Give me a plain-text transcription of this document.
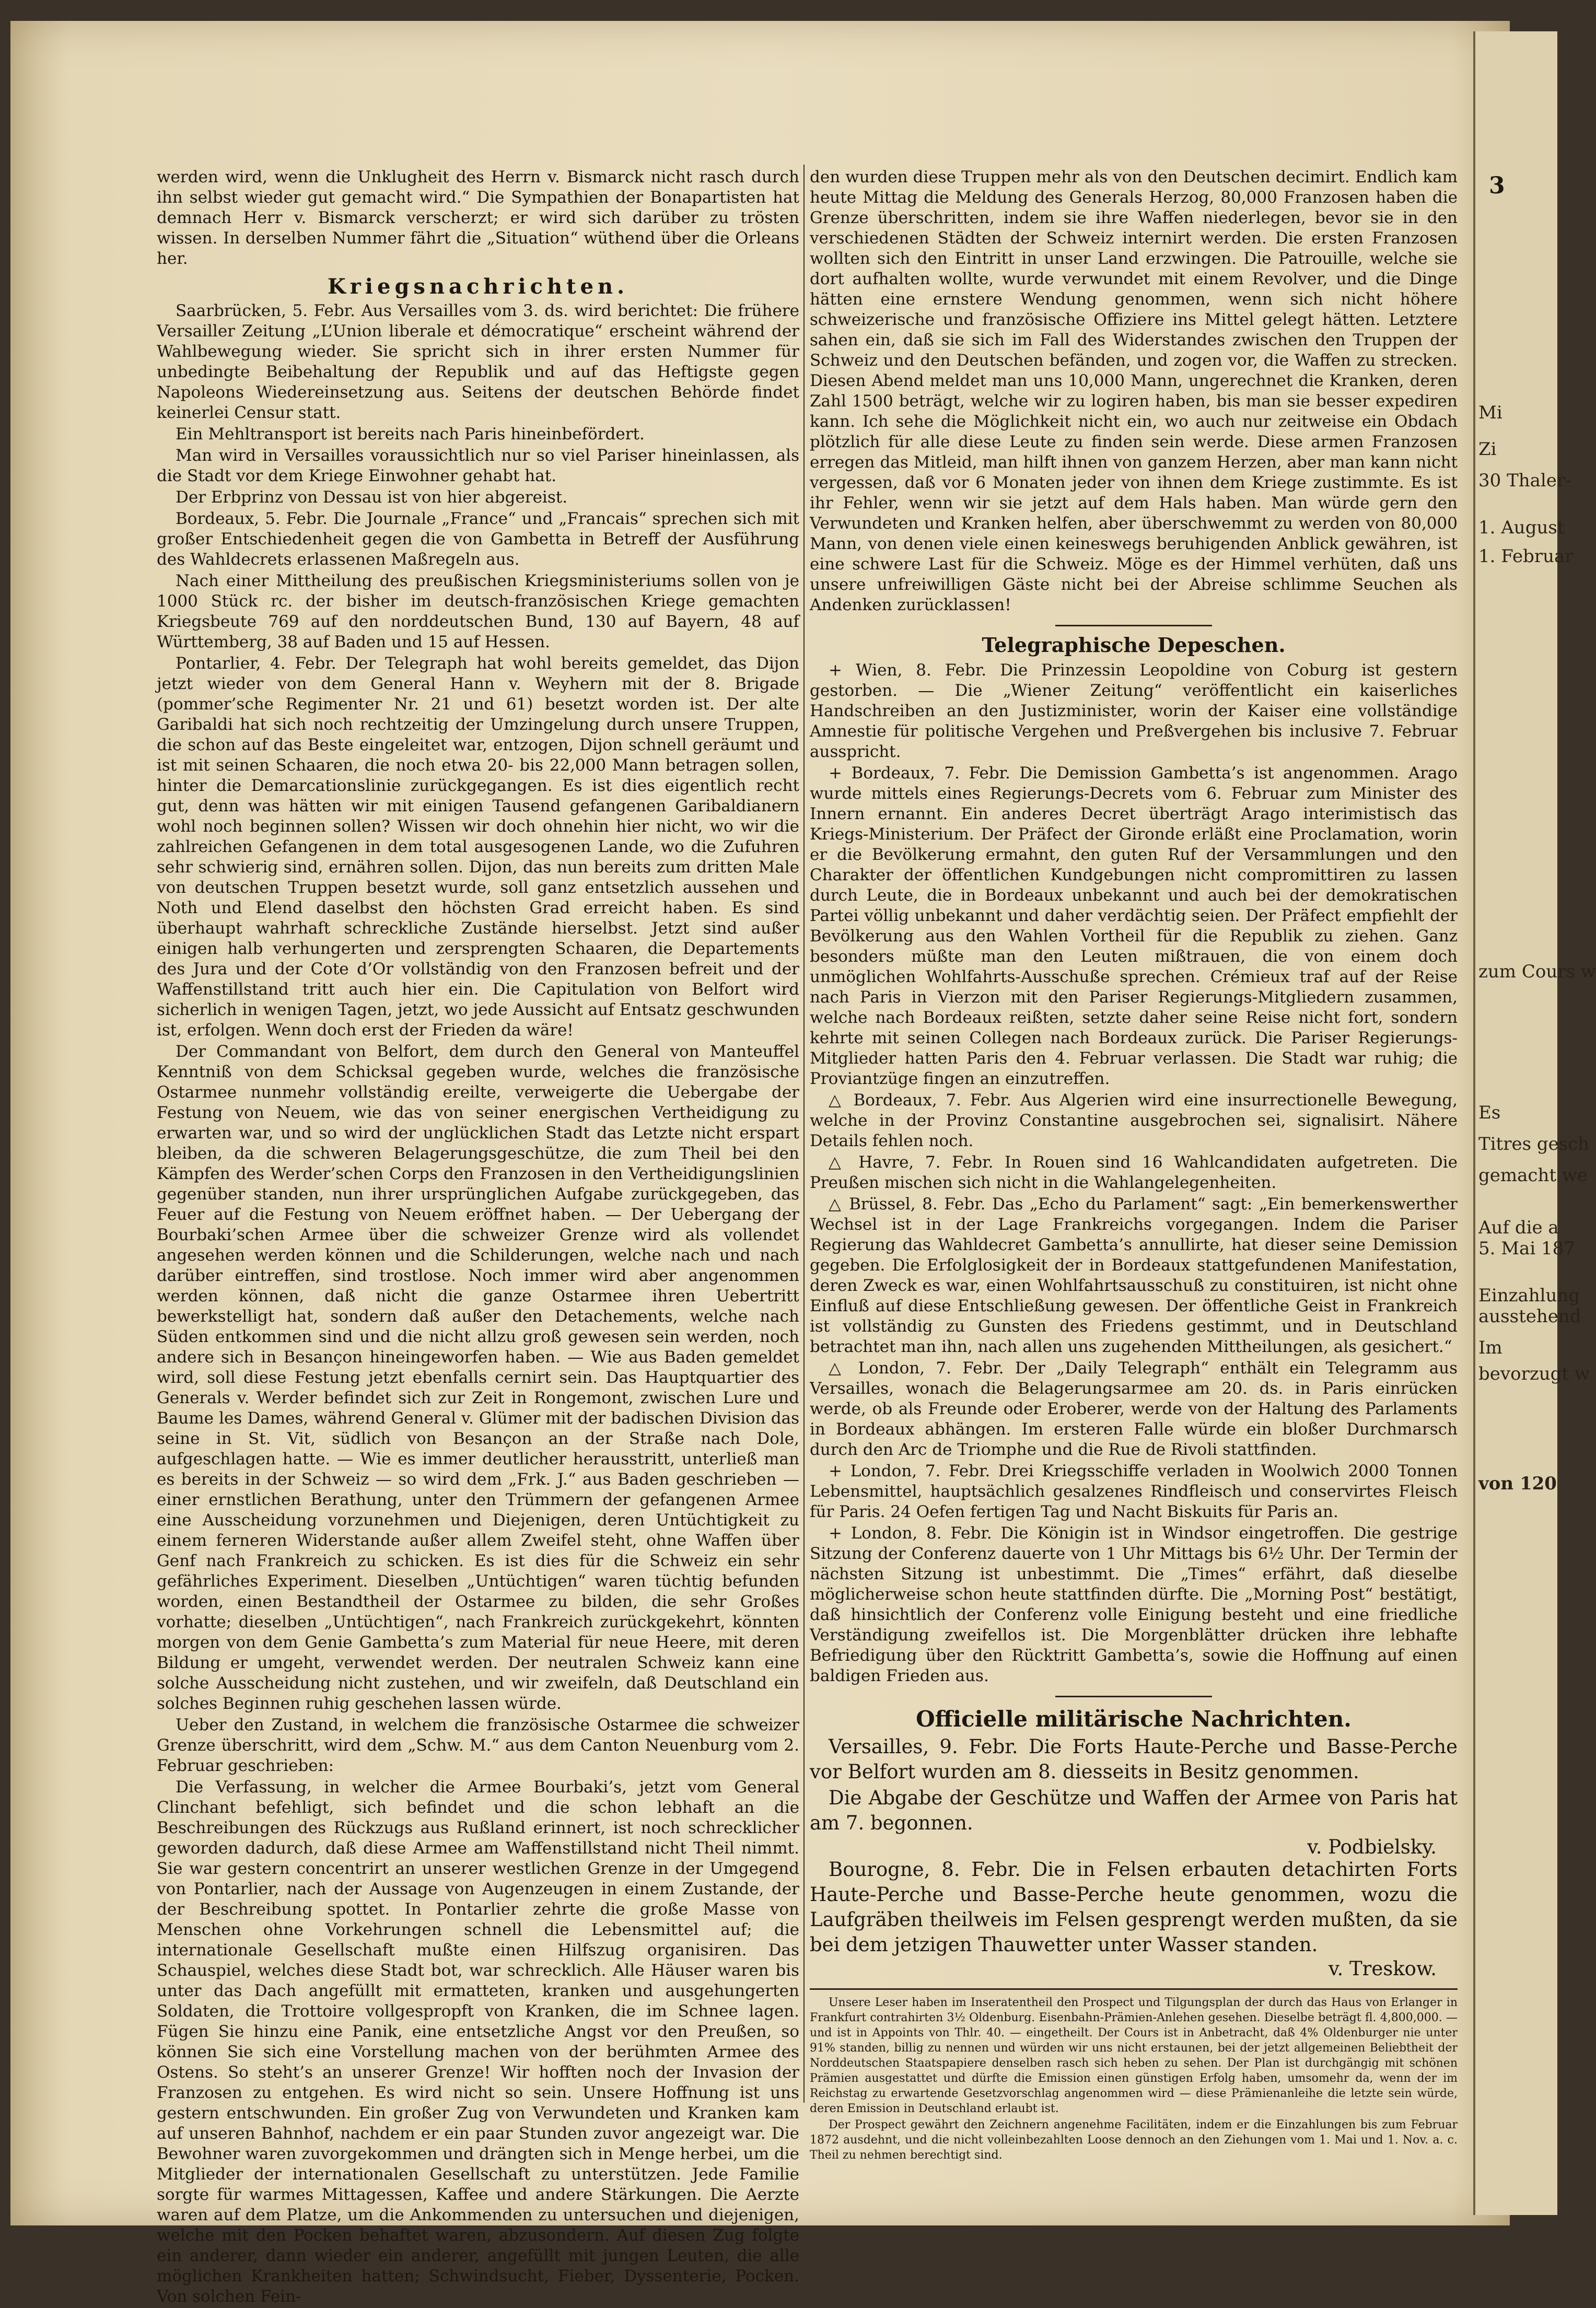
Mi
Zi
30 Thaler-
1. August
1. Februar
zum Cours w
Es
Titres gesch
gemacht we
Auf die a
5. Mai 187
Einzahlung
ausstehend
Im
bevorzugt w
von 120
3

werden wird, wenn die Unklugheit des Herrn v. Bismarck nicht rasch durch ihn selbst wieder gut gemacht wird.“ Die Sympathien der Bonapartisten hat demnach Herr v. Bismarck verscherzt; er wird sich darüber zu trösten wissen. In derselben Nummer fährt die „Situation“ wüthend über die Orleans her.

Kriegsnachrichten.

Saarbrücken, 5. Febr. Aus Versailles vom 3. ds. wird berichtet: Die frühere Versailler Zeitung „L’Union liberale et démocratique“ erscheint während der Wahlbewegung wieder. Sie spricht sich in ihrer ersten Nummer für unbedingte Beibehaltung der Republik und auf das Heftigste gegen Napoleons Wiedereinsetzung aus. Seitens der deutschen Behörde findet keinerlei Censur statt.

Ein Mehltransport ist bereits nach Paris hineinbefördert.

Man wird in Versailles voraussichtlich nur so viel Pariser hineinlassen, als die Stadt vor dem Kriege Einwohner gehabt hat.

Der Erbprinz von Dessau ist von hier abgereist.

Bordeaux, 5. Febr. Die Journale „France“ und „Francais“ sprechen sich mit großer Entschiedenheit gegen die von Gambetta in Betreff der Ausführung des Wahldecrets erlassenen Maßregeln aus.

Nach einer Mittheilung des preußischen Kriegsministeriums sollen von je 1000 Stück rc. der bisher im deutsch-französischen Kriege gemachten Kriegsbeute 769 auf den norddeutschen Bund, 130 auf Bayern, 48 auf Württemberg, 38 auf Baden und 15 auf Hessen.

Pontarlier, 4. Febr. Der Telegraph hat wohl bereits gemeldet, das Dijon jetzt wieder von dem General Hann v. Weyhern mit der 8. Brigade (pommer’sche Regimenter Nr. 21 und 61) besetzt worden ist. Der alte Garibaldi hat sich noch rechtzeitig der Umzingelung durch unsere Truppen, die schon auf das Beste eingeleitet war, entzogen, Dijon schnell geräumt und ist mit seinen Schaaren, die noch etwa 20- bis 22,000 Mann betragen sollen, hinter die Demarcationslinie zurückgegangen. Es ist dies eigentlich recht gut, denn was hätten wir mit einigen Tausend gefangenen Garibaldianern wohl noch beginnen sollen? Wissen wir doch ohnehin hier nicht, wo wir die zahlreichen Gefangenen in dem total ausgesogenen Lande, wo die Zufuhren sehr schwierig sind, ernähren sollen. Dijon, das nun bereits zum dritten Male von deutschen Truppen besetzt wurde, soll ganz entsetzlich aussehen und Noth und Elend daselbst den höchsten Grad erreicht haben. Es sind überhaupt wahrhaft schreckliche Zustände hierselbst. Jetzt sind außer einigen halb verhungerten und zersprengten Schaaren, die Departements des Jura und der Cote d’Or vollständig von den Franzosen befreit und der Waffenstillstand tritt auch hier ein. Die Capitulation von Belfort wird sicherlich in wenigen Tagen, jetzt, wo jede Aussicht auf Entsatz geschwunden ist, erfolgen. Wenn doch erst der Frieden da wäre!

Der Commandant von Belfort, dem durch den General von Manteuffel Kenntniß von dem Schicksal gegeben wurde, welches die französische Ostarmee nunmehr vollständig ereilte, verweigerte die Uebergabe der Festung von Neuem, wie das von seiner energischen Vertheidigung zu erwarten war, und so wird der unglücklichen Stadt das Letzte nicht erspart bleiben, da die schweren Belagerungsgeschütze, die zum Theil bei den Kämpfen des Werder’schen Corps den Franzosen in den Vertheidigungslinien gegenüber standen, nun ihrer ursprünglichen Aufgabe zurückgegeben, das Feuer auf die Festung von Neuem eröffnet haben. — Der Uebergang der Bourbaki’schen Armee über die schweizer Grenze wird als vollendet angesehen werden können und die Schilderungen, welche nach und nach darüber eintreffen, sind trostlose. Noch immer wird aber angenommen werden können, daß nicht die ganze Ostarmee ihren Uebertritt bewerkstelligt hat, sondern daß außer den Detachements, welche nach Süden entkommen sind und die nicht allzu groß gewesen sein werden, noch andere sich in Besançon hineingeworfen haben. — Wie aus Baden gemeldet wird, soll diese Festung jetzt ebenfalls cernirt sein. Das Hauptquartier des Generals v. Werder befindet sich zur Zeit in Rongemont, zwischen Lure und Baume les Dames, während General v. Glümer mit der badischen Division das seine in St. Vit, südlich von Besançon an der Straße nach Dole, aufgeschlagen hatte. — Wie es immer deutlicher herausstritt, unterließ man es bereits in der Schweiz — so wird dem „Frk. J.“ aus Baden geschrieben — einer ernstlichen Berathung, unter den Trümmern der gefangenen Armee eine Ausscheidung vorzunehmen und Diejenigen, deren Untüchtigkeit zu einem ferneren Widerstande außer allem Zweifel steht, ohne Waffen über Genf nach Frankreich zu schicken. Es ist dies für die Schweiz ein sehr gefährliches Experiment. Dieselben „Untüchtigen“ waren tüchtig befunden worden, einen Bestandtheil der Ostarmee zu bilden, die sehr Großes vorhatte; dieselben „Untüchtigen“, nach Frankreich zurückgekehrt, könnten morgen von dem Genie Gambetta’s zum Material für neue Heere, mit deren Bildung er umgeht, verwendet werden. Der neutralen Schweiz kann eine solche Ausscheidung nicht zustehen, und wir zweifeln, daß Deutschland ein solches Beginnen ruhig geschehen lassen würde.

Ueber den Zustand, in welchem die französische Ostarmee die schweizer Grenze überschritt, wird dem „Schw. M.“ aus dem Canton Neuenburg vom 2. Februar geschrieben:

Die Verfassung, in welcher die Armee Bourbaki’s, jetzt vom General Clinchant befehligt, sich befindet und die schon lebhaft an die Beschreibungen des Rückzugs aus Rußland erinnert, ist noch schrecklicher geworden dadurch, daß diese Armee am Waffenstillstand nicht Theil nimmt. Sie war gestern concentrirt an unserer westlichen Grenze in der Umgegend von Pontarlier, nach der Aussage von Augenzeugen in einem Zustande, der der Beschreibung spottet. In Pontarlier zehrte die große Masse von Menschen ohne Vorkehrungen schnell die Lebensmittel auf; die internationale Gesellschaft mußte einen Hilfszug organisiren. Das Schauspiel, welches diese Stadt bot, war schrecklich. Alle Häuser waren bis unter das Dach angefüllt mit ermatteten, kranken und ausgehungerten Soldaten, die Trottoire vollgespropft von Kranken, die im Schnee lagen. Fügen Sie hinzu eine Panik, eine entsetzliche Angst vor den Preußen, so können Sie sich eine Vorstellung machen von der berühmten Armee des Ostens. So steht’s an unserer Grenze! Wir hofften noch der Invasion der Franzosen zu entgehen. Es wird nicht so sein. Unsere Hoffnung ist uns gestern entschwunden. Ein großer Zug von Verwundeten und Kranken kam auf unseren Bahnhof, nachdem er ein paar Stunden zuvor angezeigt war. Die Bewohner waren zuvorgekommen und drängten sich in Menge herbei, um die Mitglieder der internationalen Gesellschaft zu unterstützen. Jede Familie sorgte für warmes Mittagessen, Kaffee und andere Stärkungen. Die Aerzte waren auf dem Platze, um die Ankommenden zu untersuchen und diejenigen, welche mit den Pocken behaftet waren, abzusondern. Auf diesen Zug folgte ein anderer, dann wieder ein anderer, angefüllt mit jungen Leuten, die alle möglichen Krankheiten hatten; Schwindsucht, Fieber, Dyssenterie, Pocken. Von solchen Fein-

den wurden diese Truppen mehr als von den Deutschen decimirt. Endlich kam heute Mittag die Meldung des Generals Herzog, 80,000 Franzosen haben die Grenze überschritten, indem sie ihre Waffen niederlegen, bevor sie in den verschiedenen Städten der Schweiz internirt werden. Die ersten Franzosen wollten sich den Eintritt in unser Land erzwingen. Die Patrouille, welche sie dort aufhalten wollte, wurde verwundet mit einem Revolver, und die Dinge hätten eine ernstere Wendung genommen, wenn sich nicht höhere schweizerische und französische Offiziere ins Mittel gelegt hätten. Letztere sahen ein, daß sie sich im Fall des Widerstandes zwischen den Truppen der Schweiz und den Deutschen befänden, und zogen vor, die Waffen zu strecken. Diesen Abend meldet man uns 10,000 Mann, ungerechnet die Kranken, deren Zahl 1500 beträgt, welche wir zu logiren haben, bis man sie besser expediren kann. Ich sehe die Möglichkeit nicht ein, wo auch nur zeitweise ein Obdach plötzlich für alle diese Leute zu finden sein werde. Diese armen Franzosen erregen das Mitleid, man hilft ihnen von ganzem Herzen, aber man kann nicht vergessen, daß vor 6 Monaten jeder von ihnen dem Kriege zustimmte. Es ist ihr Fehler, wenn wir sie jetzt auf dem Hals haben. Man würde gern den Verwundeten und Kranken helfen, aber überschwemmt zu werden von 80,000 Mann, von denen viele einen keineswegs beruhigenden Anblick gewähren, ist eine schwere Last für die Schweiz. Möge es der Himmel verhüten, daß uns unsere unfreiwilligen Gäste nicht bei der Abreise schlimme Seuchen als Andenken zurücklassen!

Telegraphische Depeschen.

+ Wien, 8. Febr. Die Prinzessin Leopoldine von Coburg ist gestern gestorben. — Die „Wiener Zeitung“ veröffentlicht ein kaiserliches Handschreiben an den Justizminister, worin der Kaiser eine vollständige Amnestie für politische Vergehen und Preßvergehen bis inclusive 7. Februar ausspricht.

+ Bordeaux, 7. Febr. Die Demission Gambetta’s ist angenommen. Arago wurde mittels eines Regierungs-Decrets vom 6. Februar zum Minister des Innern ernannt. Ein anderes Decret überträgt Arago interimistisch das Kriegs-Ministerium. Der Präfect der Gironde erläßt eine Proclamation, worin er die Bevölkerung ermahnt, den guten Ruf der Versammlungen und den Charakter der öffentlichen Kundgebungen nicht compromittiren zu lassen durch Leute, die in Bordeaux unbekannt und auch bei der demokratischen Partei völlig unbekannt und daher verdächtig seien. Der Präfect empfiehlt der Bevölkerung aus den Wahlen Vortheil für die Republik zu ziehen. Ganz besonders müßte man den Leuten mißtrauen, die von einem doch unmöglichen Wohlfahrts-Ausschuße sprechen. Crémieux traf auf der Reise nach Paris in Vierzon mit den Pariser Regierungs-Mitgliedern zusammen, welche nach Bordeaux reißten, setzte daher seine Reise nicht fort, sondern kehrte mit seinen Collegen nach Bordeaux zurück. Die Pariser Regierungs-Mitglieder hatten Paris den 4. Februar verlassen. Die Stadt war ruhig; die Proviantzüge fingen an einzutreffen.

△ Bordeaux, 7. Febr. Aus Algerien wird eine insurrectionelle Bewegung, welche in der Provinz Constantine ausgebrochen sei, signalisirt. Nähere Details fehlen noch.

△ Havre, 7. Febr. In Rouen sind 16 Wahlcandidaten aufgetreten. Die Preußen mischen sich nicht in die Wahlangelegenheiten.

△ Brüssel, 8. Febr. Das „Echo du Parlament“ sagt: „Ein bemerkenswerther Wechsel ist in der Lage Frankreichs vorgegangen. Indem die Pariser Regierung das Wahldecret Gambetta’s annullirte, hat dieser seine Demission gegeben. Die Erfolglosigkeit der in Bordeaux stattgefundenen Manifestation, deren Zweck es war, einen Wohlfahrtsausschuß zu constituiren, ist nicht ohne Einfluß auf diese Entschließung gewesen. Der öffentliche Geist in Frankreich ist vollständig zu Gunsten des Friedens gestimmt, und in Deutschland betrachtet man ihn, nach allen uns zugehenden Mittheilungen, als gesichert.“

△ London, 7. Febr. Der „Daily Telegraph“ enthält ein Telegramm aus Versailles, wonach die Belagerungsarmee am 20. ds. in Paris einrücken werde, ob als Freunde oder Eroberer, werde von der Haltung des Parlaments in Bordeaux abhängen. Im ersteren Falle würde ein bloßer Durchmarsch durch den Arc de Triomphe und die Rue de Rivoli stattfinden.

+ London, 7. Febr. Drei Kriegsschiffe verladen in Woolwich 2000 Tonnen Lebensmittel, hauptsächlich gesalzenes Rindfleisch und conservirtes Fleisch für Paris. 24 Oefen fertigen Tag und Nacht Biskuits für Paris an.

+ London, 8. Febr. Die Königin ist in Windsor eingetroffen. Die gestrige Sitzung der Conferenz dauerte von 1 Uhr Mittags bis 6½ Uhr. Der Termin der nächsten Sitzung ist unbestimmt. Die „Times“ erfährt, daß dieselbe möglicherweise schon heute stattfinden dürfte. Die „Morning Post“ bestätigt, daß hinsichtlich der Conferenz volle Einigung besteht und eine friedliche Verständigung zweifellos ist. Die Morgenblätter drücken ihre lebhafte Befriedigung über den Rücktritt Gambetta’s, sowie die Hoffnung auf einen baldigen Frieden aus.

Officielle militärische Nachrichten.

Versailles, 9. Febr. Die Forts Haute-Perche und Basse-Perche vor Belfort wurden am 8. diesseits in Besitz genommen.

Die Abgabe der Geschütze und Waffen der Armee von Paris hat am 7. begonnen.

v. Podbielsky.

Bourogne, 8. Febr. Die in Felsen erbauten detachirten Forts Haute-Perche und Basse-Perche heute genommen, wozu die Laufgräben theilweis im Felsen gesprengt werden mußten, da sie bei dem jetzigen Thauwetter unter Wasser standen.

v. Treskow.

Unsere Leser haben im Inseratentheil den Prospect und Tilgungsplan der durch das Haus von Erlanger in Frankfurt contrahirten 3½ Oldenburg. Eisenbahn-Prämien-Anlehen gesehen. Dieselbe beträgt fl. 4,800,000. — und ist in Appoints von Thlr. 40. — eingetheilt. Der Cours ist in Anbetracht, daß 4% Oldenburger nie unter 91% standen, billig zu nennen und würden wir uns nicht erstaunen, bei der jetzt allgemeinen Beliebtheit der Norddeutschen Staatspapiere denselben rasch sich heben zu sehen. Der Plan ist durchgängig mit schönen Prämien ausgestattet und dürfte die Emission einen günstigen Erfolg haben, umsomehr da, wenn der im Reichstag zu erwartende Gesetzvorschlag angenommen wird — diese Prämienanleihe die letzte sein würde, deren Emission in Deutschland erlaubt ist.

Der Prospect gewährt den Zeichnern angenehme Facilitäten, indem er die Einzahlungen bis zum Februar 1872 ausdehnt, und die nicht volleinbezahlten Loose dennoch an den Ziehungen vom 1. Mai und 1. Nov. a. c. Theil zu nehmen berechtigt sind.
